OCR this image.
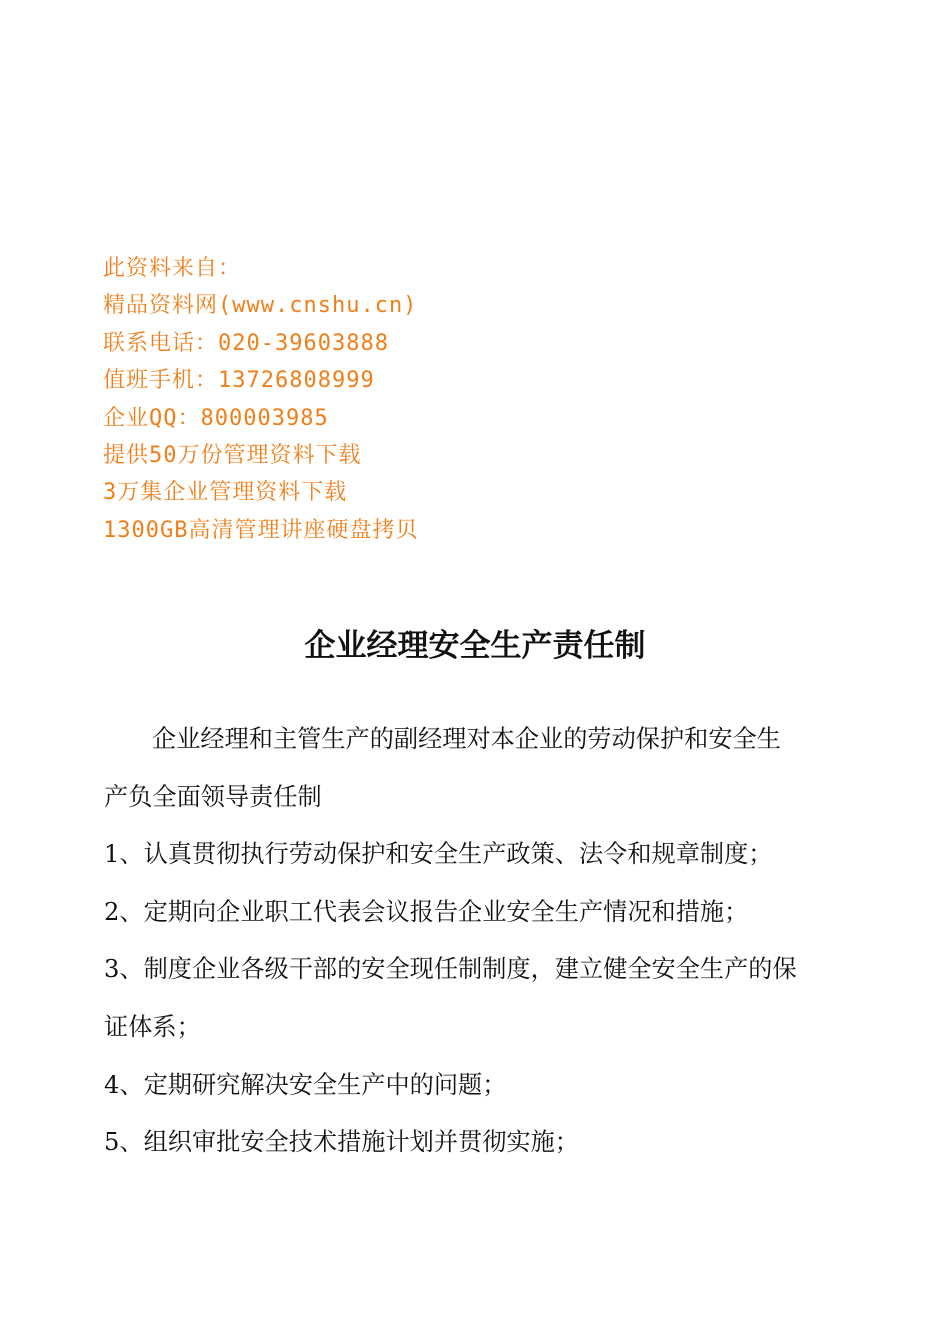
此资料来自：
精品资料网(www.cnshu.cn)
联系电话：020-39603888
值班手机：13726808999
企业QQ：800003985
提供50万份管理资料下载
3万集企业管理资料下载
1300GB高清管理讲座硬盘拷贝
企业经理安全生产责任制

企业经理和主管生产的副经理对本企业的劳动保护和安全生

产负全面领导责任制

1、认真贯彻执行劳动保护和安全生产政策、法令和规章制度；

2、定期向企业职工代表会议报告企业安全生产情况和措施；

3、制度企业各级干部的安全现任制制度，建立健全安全生产的保

证体系；

4、定期研究解决安全生产中的问题；

5、组织审批安全技术措施计划并贯彻实施；
